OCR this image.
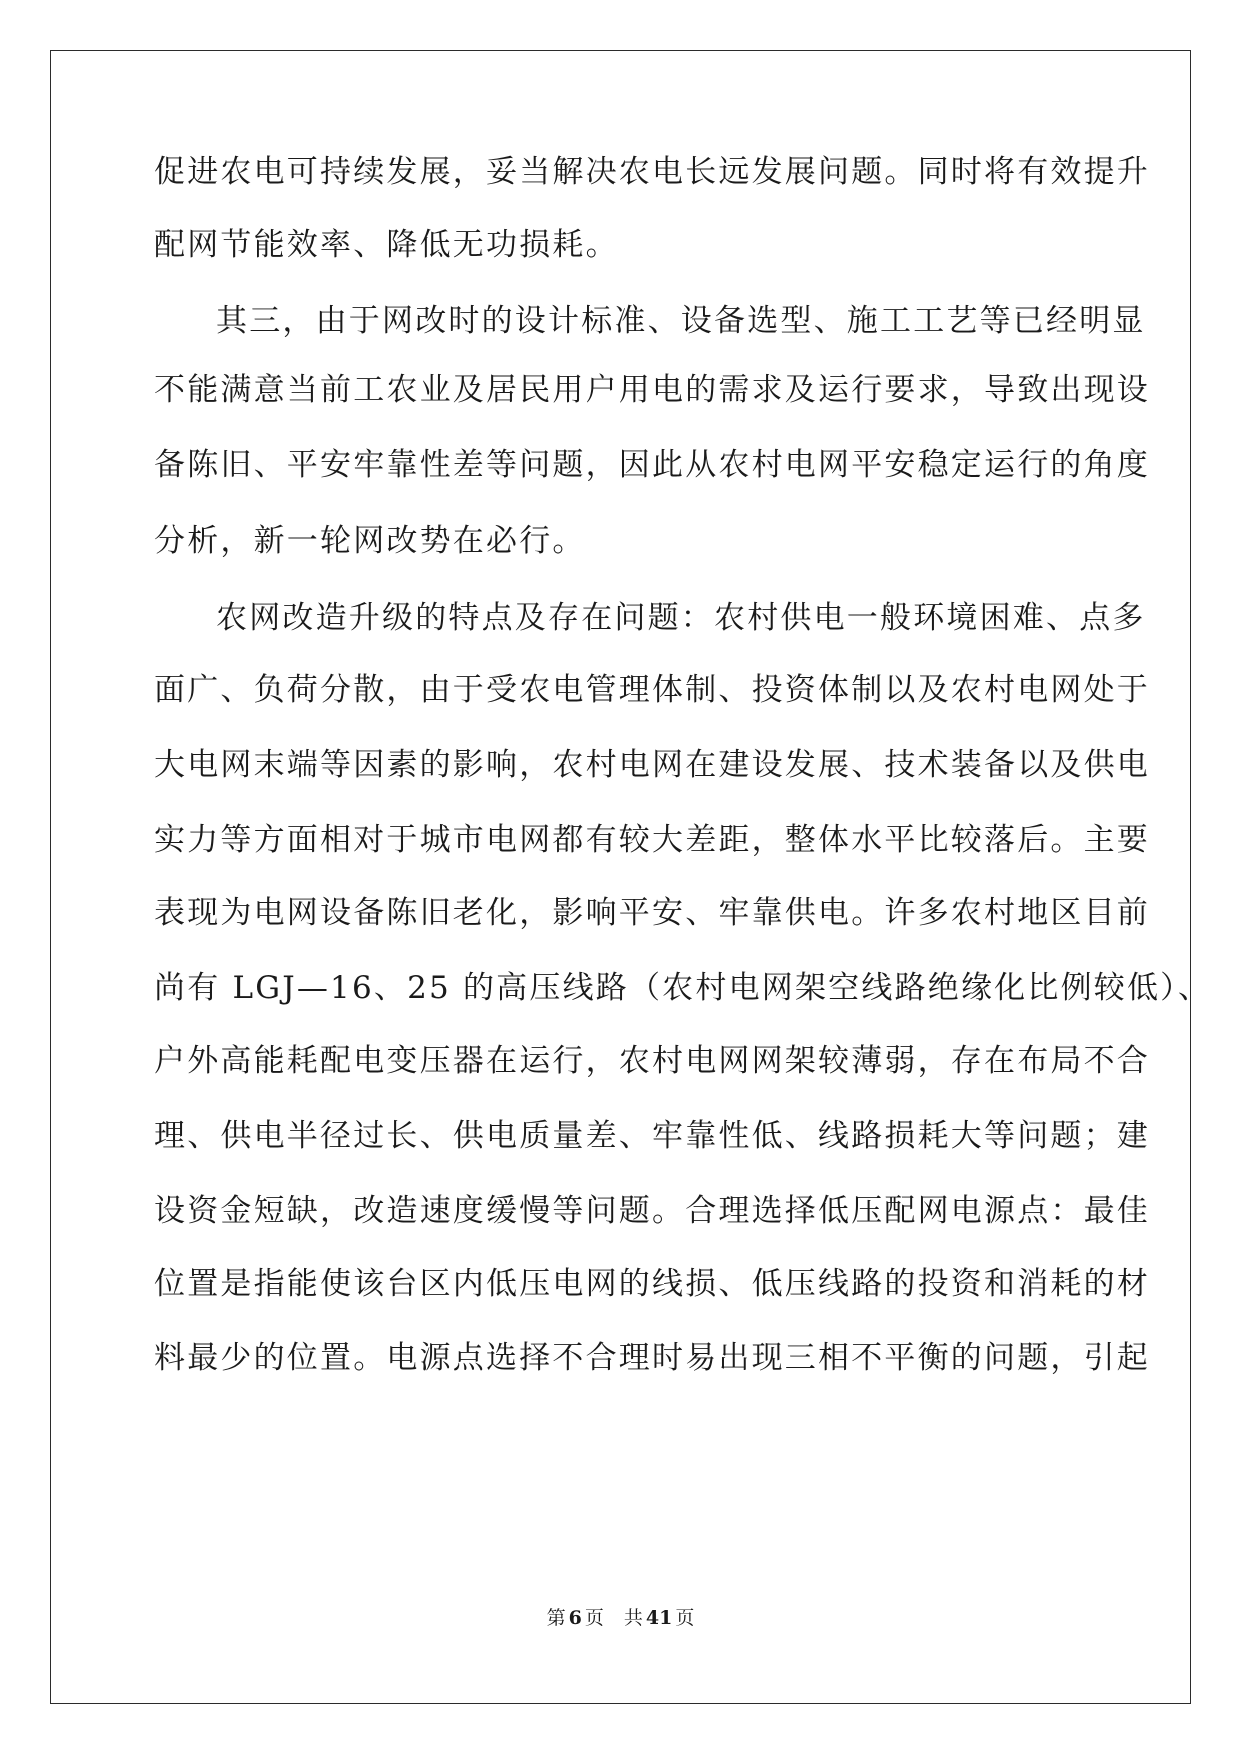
促进农电可持续发展，妥当解决农电长远发展问题。同时将有效提升
配网节能效率、降低无功损耗。
其三，由于网改时的设计标准、设备选型、施工工艺等已经明显
不能满意当前工农业及居民用户用电的需求及运行要求，导致出现设
备陈旧、平安牢靠性差等问题，因此从农村电网平安稳定运行的角度
分析，新一轮网改势在必行。
农网改造升级的特点及存在问题：农村供电一般环境困难、点多
面广、负荷分散，由于受农电管理体制、投资体制以及农村电网处于
大电网末端等因素的影响，农村电网在建设发展、技术装备以及供电
实力等方面相对于城市电网都有较大差距，整体水平比较落后。主要
表现为电网设备陈旧老化，影响平安、牢靠供电。许多农村地区目前
尚有 LGJ—16、25 的高压线路（农村电网架空线路绝缘化比例较低）、
户外高能耗配电变压器在运行，农村电网网架较薄弱，存在布局不合
理、供电半径过长、供电质量差、牢靠性低、线路损耗大等问题；建
设资金短缺，改造速度缓慢等问题。合理选择低压配网电源点：最佳
位置是指能使该台区内低压电网的线损、低压线路的投资和消耗的材
料最少的位置。电源点选择不合理时易出现三相不平衡的问题，引起
第 6 页 共 41 页
